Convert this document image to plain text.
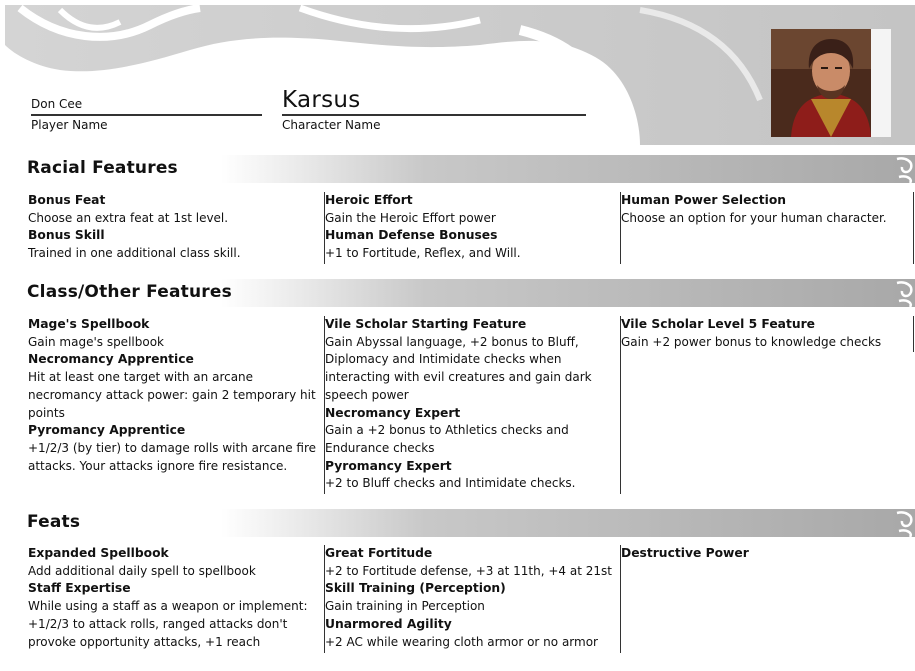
Don Cee
Player Name
Karsus
Character Name
Racial Features
Bonus Feat
Choose an extra feat at 1st level.
Bonus Skill
Trained in one additional class skill.
Heroic Effort
Gain the Heroic Effort power
Human Defense Bonuses
+1 to Fortitude, Reflex, and Will.
Human Power Selection
Choose an option for your human character.
Class/Other Features
Mage's Spellbook
Gain mage's spellbook
Necromancy Apprentice
Hit at least one target with an arcane necromancy attack power: gain 2 temporary hit points
Pyromancy Apprentice
+1/2/3 (by tier) to damage rolls with arcane fire attacks. Your attacks ignore fire resistance.
Vile Scholar Starting Feature
Gain Abyssal language, +2 bonus to Bluff, Diplomacy and Intimidate checks when interacting with evil creatures and gain dark speech power
Necromancy Expert
Gain a +2 bonus to Athletics checks and Endurance checks
Pyromancy Expert
+2 to Bluff checks and Intimidate checks.
Vile Scholar Level 5 Feature
Gain +2 power bonus to knowledge checks
Feats
Expanded Spellbook
Add additional daily spell to spellbook
Staff Expertise
While using a staff as a weapon or implement: +1/2/3 to attack rolls, ranged attacks don't provoke opportunity attacks, +1 reach
Great Fortitude
+2 to Fortitude defense, +3 at 11th, +4 at 21st
Skill Training (Perception)
Gain training in Perception
Unarmored Agility
+2 AC while wearing cloth armor or no armor
Destructive Power
